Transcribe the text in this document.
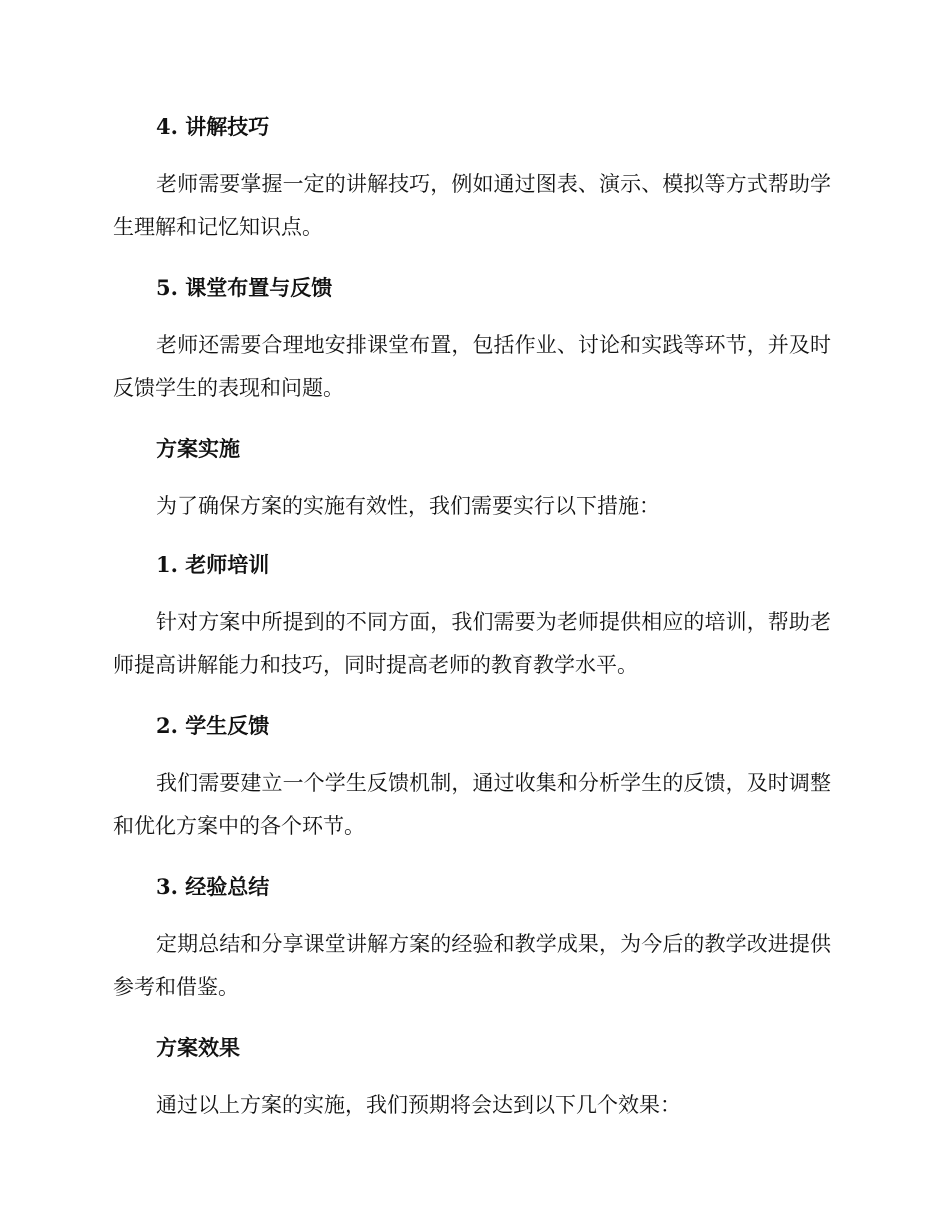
4. 讲解技巧

老师需要掌握一定的讲解技巧，例如通过图表、演示、模拟等方式帮助学生理解和记忆知识点。

5. 课堂布置与反馈

老师还需要合理地安排课堂布置，包括作业、讨论和实践等环节，并及时反馈学生的表现和问题。

方案实施

为了确保方案的实施有效性，我们需要实行以下措施：

1. 老师培训

针对方案中所提到的不同方面，我们需要为老师提供相应的培训，帮助老师提高讲解能力和技巧，同时提高老师的教育教学水平。

2. 学生反馈

我们需要建立一个学生反馈机制，通过收集和分析学生的反馈，及时调整和优化方案中的各个环节。

3. 经验总结

定期总结和分享课堂讲解方案的经验和教学成果，为今后的教学改进提供参考和借鉴。

方案效果

通过以上方案的实施，我们预期将会达到以下几个效果：
